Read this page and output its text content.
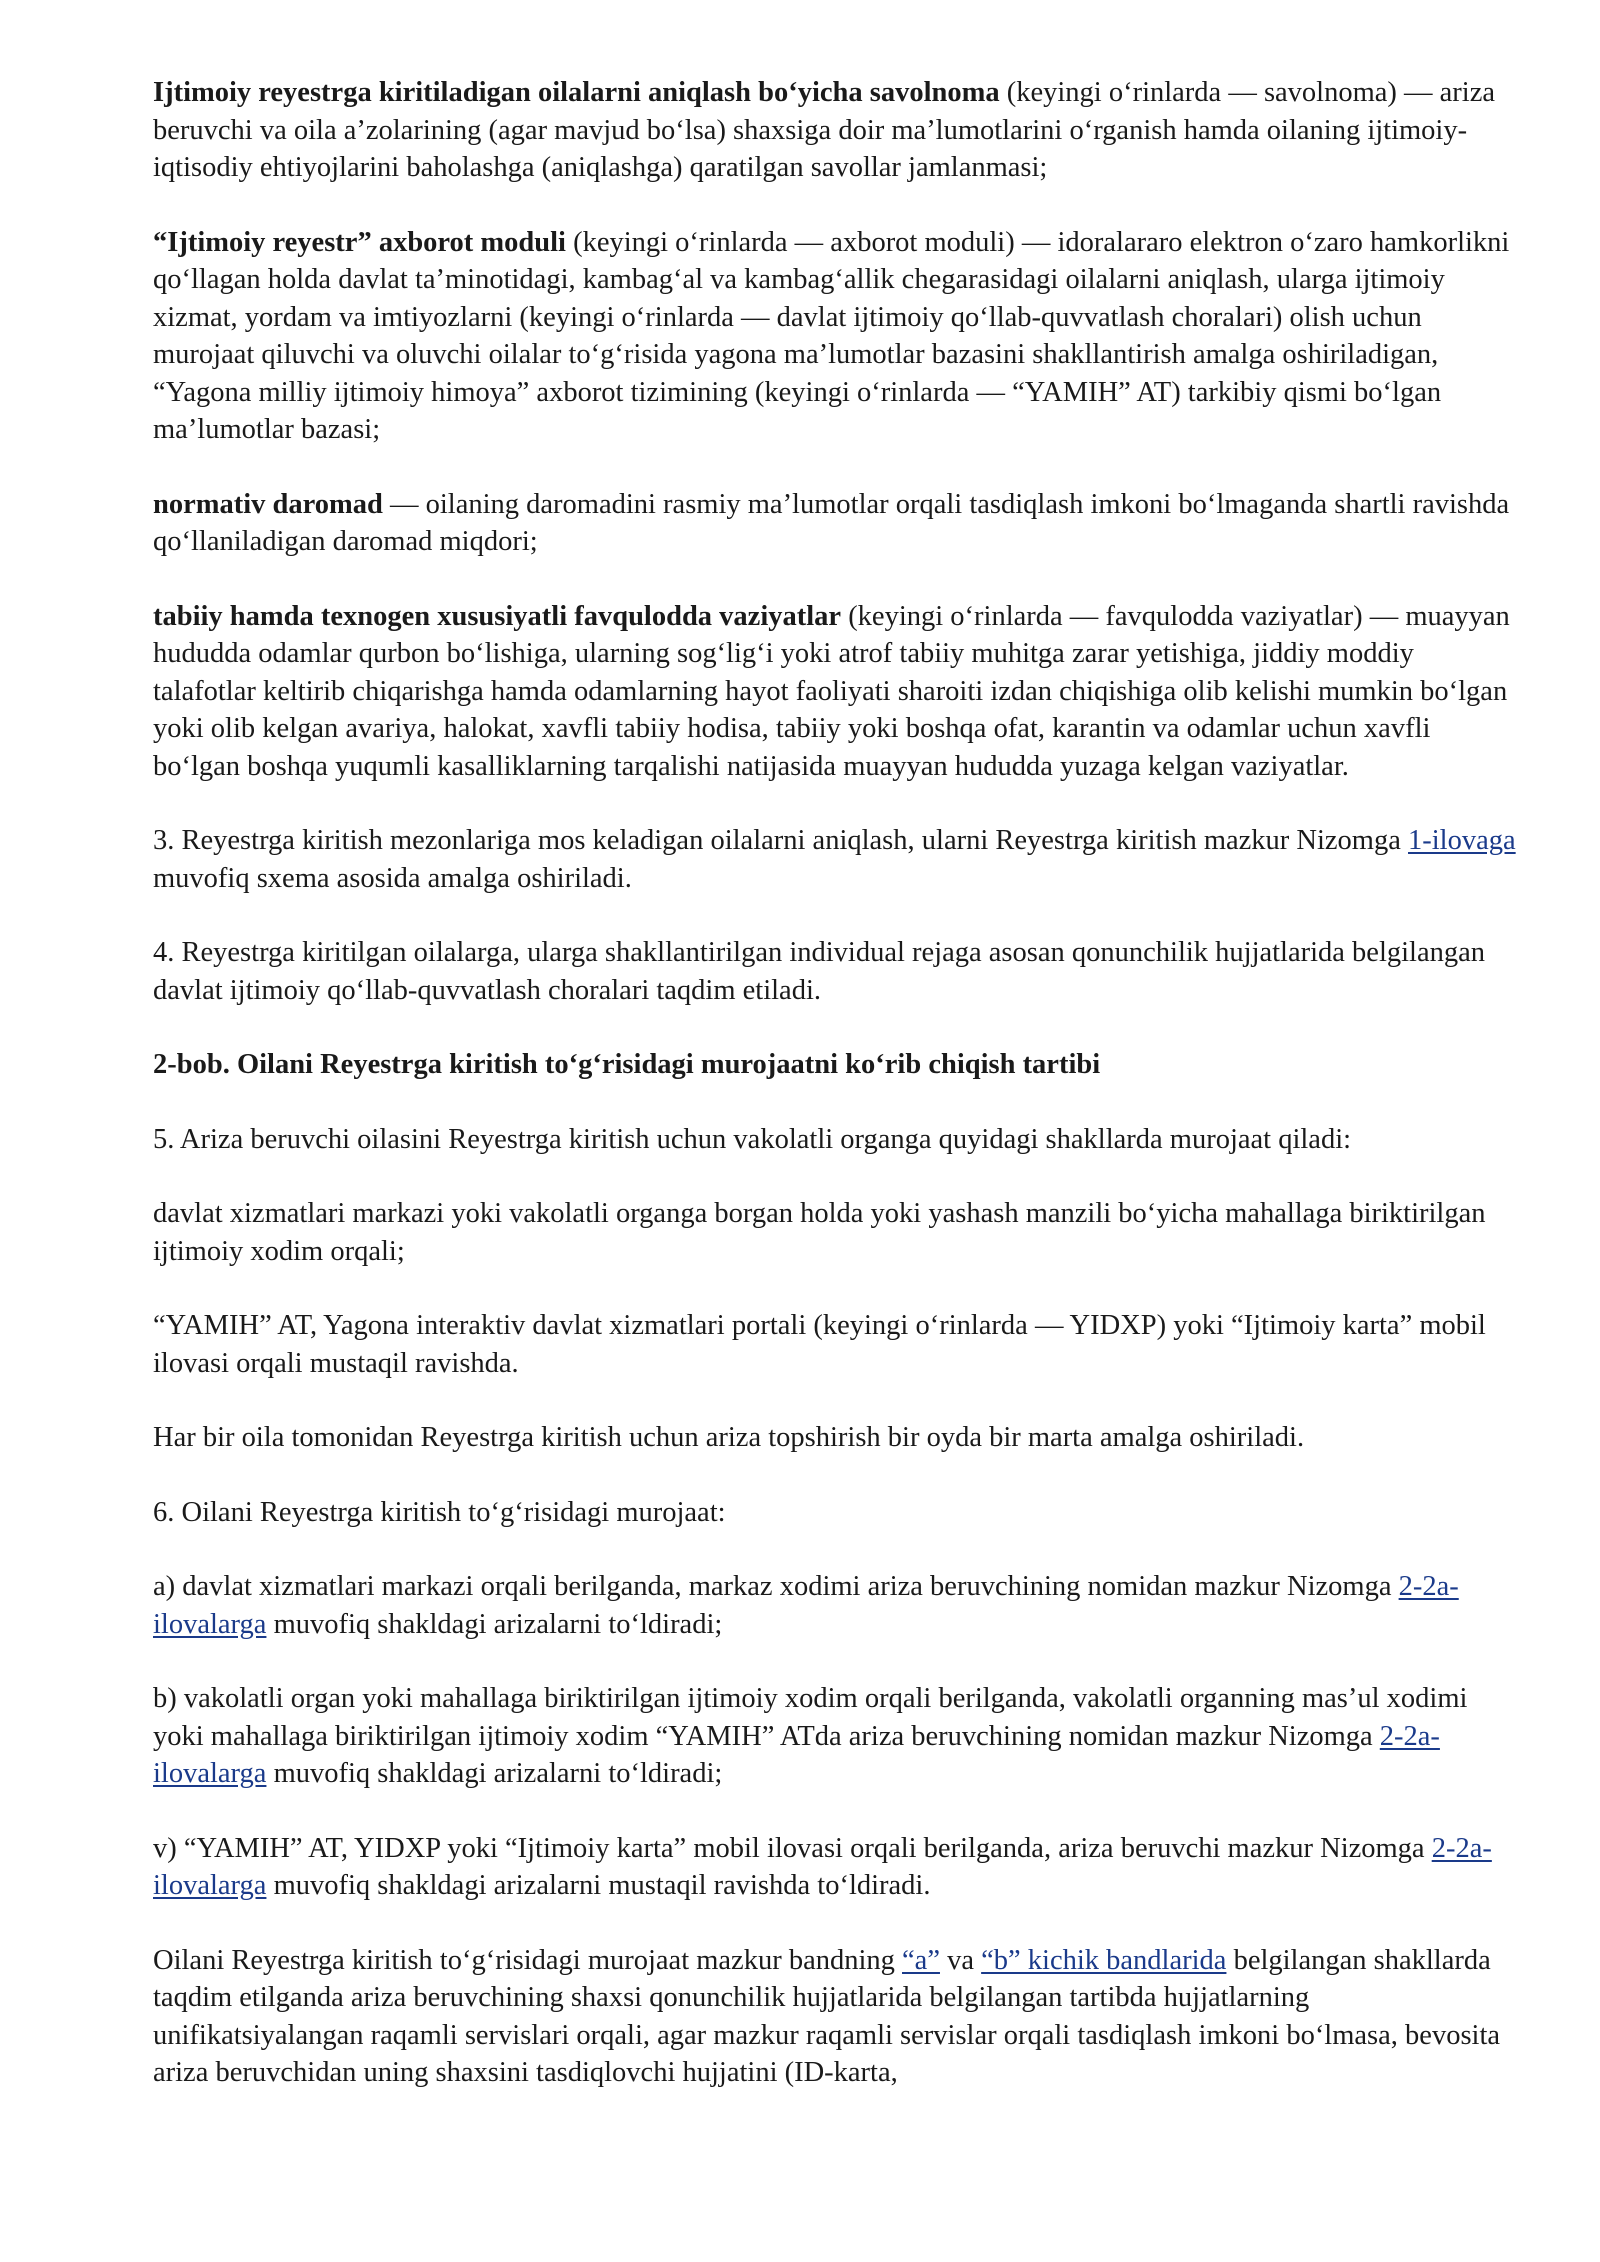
Ijtimoiy reyestrga kiritiladigan oilalarni aniqlash bo‘yicha savolnoma (keyingi o‘rinlarda — savolnoma) — ariza beruvchi va oila a’zolarining (agar mavjud bo‘lsa) shaxsiga doir ma’lumotlarini o‘rganish hamda oilaning ijtimoiy-iqtisodiy ehtiyojlarini baholashga (aniqlashga) qaratilgan savollar jamlanmasi;

“Ijtimoiy reyestr” axborot moduli (keyingi o‘rinlarda — axborot moduli) — idoralararo elektron o‘zaro hamkorlikni qo‘llagan holda davlat ta’minotidagi, kambag‘al va kambag‘allik chegarasidagi oilalarni aniqlash, ularga ijtimoiy xizmat, yordam va imtiyozlarni (keyingi o‘rinlarda — davlat ijtimoiy qo‘llab-quvvatlash choralari) olish uchun murojaat qiluvchi va oluvchi oilalar to‘g‘risida yagona ma’lumotlar bazasini shakllantirish amalga oshiriladigan, “Yagona milliy ijtimoiy himoya” axborot tizimining (keyingi o‘rinlarda — “YAMIH” AT) tarkibiy qismi bo‘lgan ma’lumotlar bazasi;

normativ daromad — oilaning daromadini rasmiy ma’lumotlar orqali tasdiqlash imkoni bo‘lmaganda shartli ravishda qo‘llaniladigan daromad miqdori;

tabiiy hamda texnogen xususiyatli favqulodda vaziyatlar (keyingi o‘rinlarda — favqulodda vaziyatlar) — muayyan hududda odamlar qurbon bo‘lishiga, ularning sog‘lig‘i yoki atrof tabiiy muhitga zarar yetishiga, jiddiy moddiy talafotlar keltirib chiqarishga hamda odamlarning hayot faoliyati sharoiti izdan chiqishiga olib kelishi mumkin bo‘lgan yoki olib kelgan avariya, halokat, xavfli tabiiy hodisa, tabiiy yoki boshqa ofat, karantin va odamlar uchun xavfli bo‘lgan boshqa yuqumli kasalliklarning tarqalishi natijasida muayyan hududda yuzaga kelgan vaziyatlar.

3. Reyestrga kiritish mezonlariga mos keladigan oilalarni aniqlash, ularni Reyestrga kiritish mazkur Nizomga 1-ilovaga muvofiq sxema asosida amalga oshiriladi.

4. Reyestrga kiritilgan oilalarga, ularga shakllantirilgan individual rejaga asosan qonunchilik hujjatlarida belgilangan davlat ijtimoiy qo‘llab-quvvatlash choralari taqdim etiladi.

2-bob. Oilani Reyestrga kiritish to‘g‘risidagi murojaatni ko‘rib chiqish tartibi

5. Ariza beruvchi oilasini Reyestrga kiritish uchun vakolatli organga quyidagi shakllarda murojaat qiladi:

davlat xizmatlari markazi yoki vakolatli organga borgan holda yoki yashash manzili bo‘yicha mahallaga biriktirilgan ijtimoiy xodim orqali;

“YAMIH” AT, Yagona interaktiv davlat xizmatlari portali (keyingi o‘rinlarda — YIDXP) yoki “Ijtimoiy karta” mobil ilovasi orqali mustaqil ravishda.

Har bir oila tomonidan Reyestrga kiritish uchun ariza topshirish bir oyda bir marta amalga oshiriladi.

6. Oilani Reyestrga kiritish to‘g‘risidagi murojaat:

a) davlat xizmatlari markazi orqali berilganda, markaz xodimi ariza beruvchining nomidan mazkur Nizomga 2-2a-ilovalarga muvofiq shakldagi arizalarni to‘ldiradi;

b) vakolatli organ yoki mahallaga biriktirilgan ijtimoiy xodim orqali berilganda, vakolatli organning mas’ul xodimi yoki mahallaga biriktirilgan ijtimoiy xodim “YAMIH” ATda ariza beruvchining nomidan mazkur Nizomga 2-2a-ilovalarga muvofiq shakldagi arizalarni to‘ldiradi;

v) “YAMIH” AT, YIDXP yoki “Ijtimoiy karta” mobil ilovasi orqali berilganda, ariza beruvchi mazkur Nizomga 2-2a-ilovalarga muvofiq shakldagi arizalarni mustaqil ravishda to‘ldiradi.

Oilani Reyestrga kiritish to‘g‘risidagi murojaat mazkur bandning “a” va “b” kichik bandlarida belgilangan shakllarda taqdim etilganda ariza beruvchining shaxsi qonunchilik hujjatlarida belgilangan tartibda hujjatlarning unifikatsiyalangan raqamli servislari orqali, agar mazkur raqamli servislar orqali tasdiqlash imkoni bo‘lmasa, bevosita ariza beruvchidan uning shaxsini tasdiqlovchi hujjatini (ID-karta,
